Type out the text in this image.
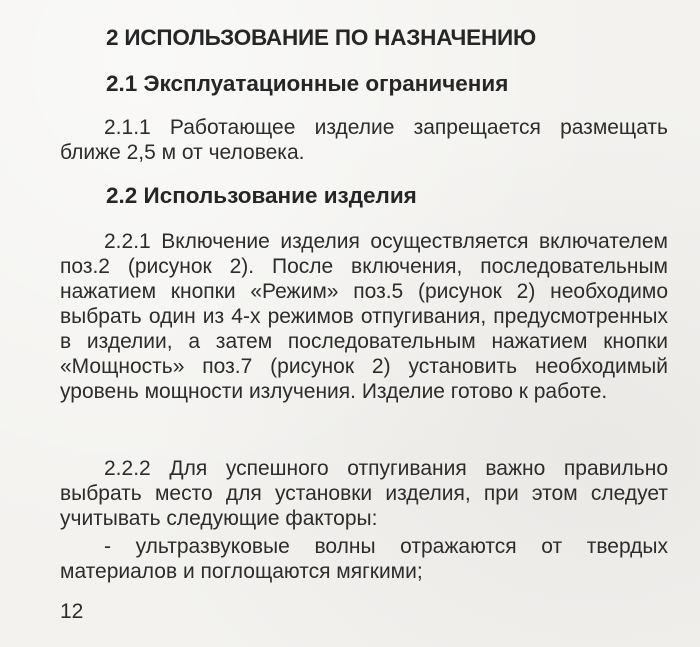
2 ИСПОЛЬЗОВАНИЕ ПО НАЗНАЧЕНИЮ
2.1 Эксплуатационные ограничения
2.1.1 Работающее изделие запрещается размещать ближе 2,5 м от человека.
2.2 Использование изделия
2.2.1 Включение изделия осуществляется включателем поз.2 (рисунок 2). После включения, последовательным нажатием кнопки «Режим» поз.5 (рисунок 2) необходимо выбрать один из 4-х режимов отпугивания, предусмотренных в изделии, а затем последовательным нажатием кнопки «Мощность» поз.7 (рисунок 2) установить необходимый уровень мощности излучения. Изделие готово к работе.
2.2.2 Для успешного отпугивания важно правильно выбрать место для установки изделия, при этом следует учитывать следующие факторы:
- ультразвуковые волны отражаются от твердых материалов и поглощаются мягкими;
12
